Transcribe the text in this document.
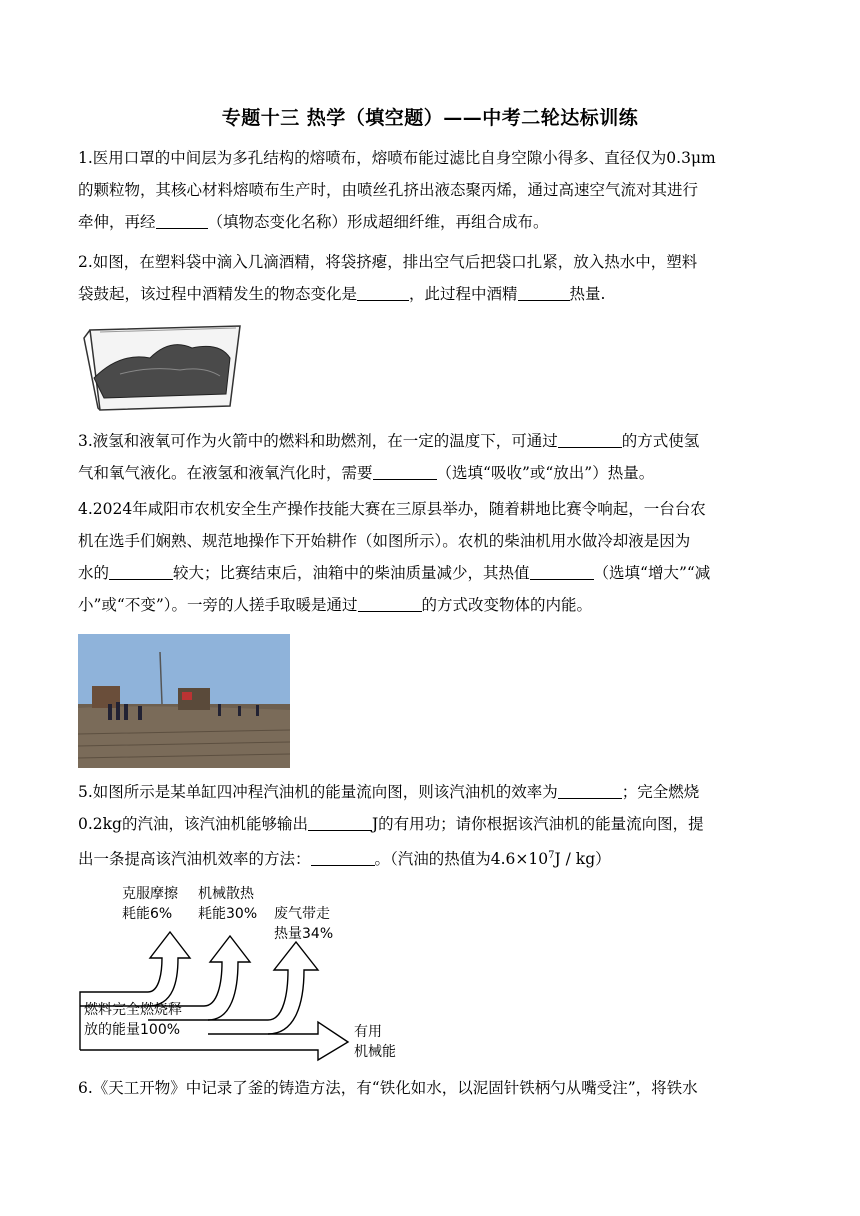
专题十三 热学（填空题）——中考二轮达标训练
1.医用口罩的中间层为多孔结构的熔喷布，熔喷布能过滤比自身空隙小得多、直径仅为0.3μm
的颗粒物，其核心材料熔喷布生产时，由喷丝孔挤出液态聚丙烯，通过高速空气流对其进行
牵伸，再经	（填物态变化名称）形成超细纤维，再组合成布。
2.如图，在塑料袋中滴入几滴酒精，将袋挤瘪，排出空气后把袋口扎紧，放入热水中，塑料
袋鼓起，该过程中酒精发生的物态变化是	，此过程中酒精	热量.
3.液氢和液氧可作为火箭中的燃料和助燃剂，在一定的温度下，可通过	的方式使氢
气和氧气液化。在液氢和液氧汽化时，需要	（选填“吸收”或“放出”）热量。
4.2024年咸阳市农机安全生产操作技能大赛在三原县举办，随着耕地比赛令响起，一台台农
机在选手们娴熟、规范地操作下开始耕作（如图所示）。农机的柴油机用水做冷却液是因为
水的	较大；比赛结束后，油箱中的柴油质量减少，其热值	（选填“增大”“减
小”或“不变”）。一旁的人搓手取暖是通过	的方式改变物体的内能。
5.如图所示是某单缸四冲程汽油机的能量流向图，则该汽油机的效率为	；完全燃烧
0.2kg的汽油，该汽油机能够输出	J的有用功；请你根据该汽油机的能量流向图，提
出一条提高该汽油机效率的方法：	。（汽油的热值为$4.6\times 10^7J / kg$）
克服摩擦
耗能6%
机械散热
耗能30% 废气带走
热量34%
燃料完全燃烧释
放的能量100%	有用
机械能
6.《天工开物》中记录了釜的铸造方法，有“铁化如水，以泥固针铁柄勺从嘴受注”，将铁水
